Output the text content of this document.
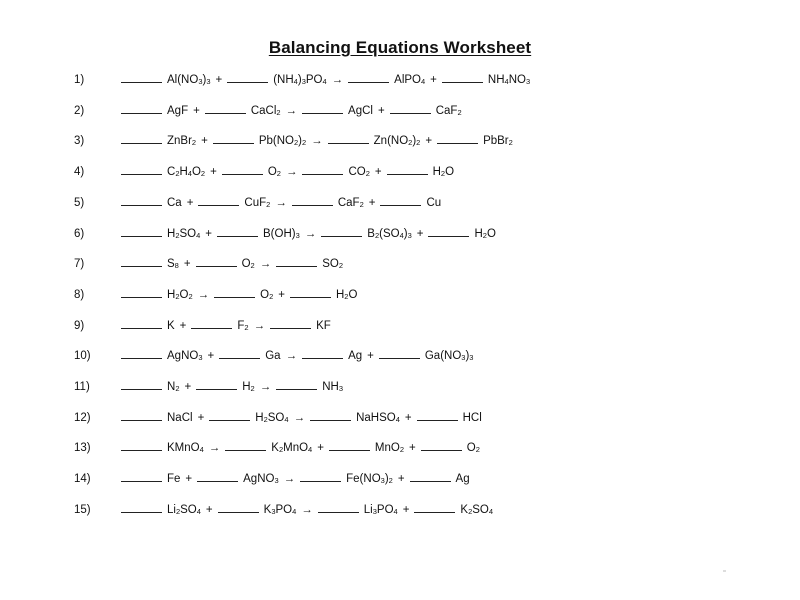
Balancing Equations Worksheet
1)	$Al(NO_3)_3$ +	$(NH_4)_3PO_4$ →	AlPO$_4$ +	$NH_4NO_3$
2)	AgF +	CaCl$_2$ →	AgCl +	CaF$_2$
3)	ZnBr$_2$ +	$Pb(NO_2)_2$ →	$Zn(NO_2)_2$ +	PbBr$_2$
4)	$C_2H_4O_2$ +	$O_2$ →	$CO_2$ +	$H_2O$
5)	Ca +	CuF$_2$ →	CaF$_2$ +	Cu
6)	$H_2SO_4$ +	$B(OH)_3$ →	$B_2(SO_4)_3$ +	$H_2O$
7)	$S_8$ +	$O_2$ →	$SO_2$
8)	$H_2O_2$ →	$O_2$ +	$H_2O$
9)	K +	$F_2$ →	KF
10)	AgNO$_3$ +	Ga →	Ag +	$Ga(NO_3)_3$
11)	$N_2$ +	$H_2$ →	$NH_3$
12)	NaCl +	$H_2SO_4$ →	NaHSO$_4$ +	HCl
13)	KMnO$_4$ →	$K_2MnO_4$ +	MnO$_2$ +	$O_2$
14)	Fe +	AgNO$_3$ →	$Fe(NO_3)_2$ +	Ag
15)	$Li_2SO_4$ +	$K_3PO_4$ →	$Li_3PO_4$ +	$K_2SO_4$
